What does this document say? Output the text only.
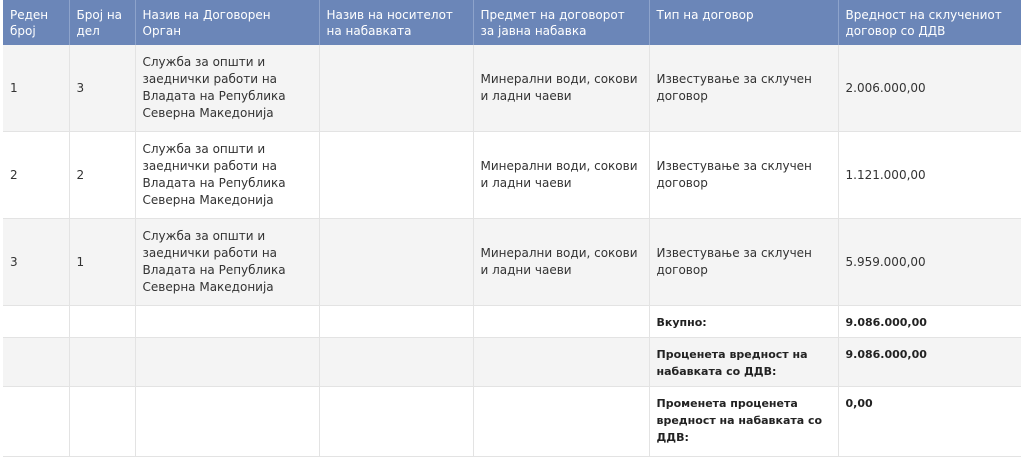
Реден број	Број на дел	Назив на Договорен Орган	Назив на носителот на набавката	Предмет на договорот за јавна набавка	Тип на договор	Вредност на склучениот договор со ДДВ
1	3	Служба за општи и заеднички работи на Владата на Република Северна Македонија		Минерални води, сокови и ладни чаеви	Известување за склучен договор	2.006.000,00
2	2	Служба за општи и заеднички работи на Владата на Република Северна Македонија		Минерални води, сокови и ладни чаеви	Известување за склучен договор	1.121.000,00
3	1	Служба за општи и заеднички работи на Владата на Република Северна Македонија		Минерални води, сокови и ладни чаеви	Известување за склучен договор	5.959.000,00
					Вкупно:	9.086.000,00
					Проценета вредност на набавката со ДДВ:	9.086.000,00
					Променета проценета вредност на набавката со ДДВ:	0,00
